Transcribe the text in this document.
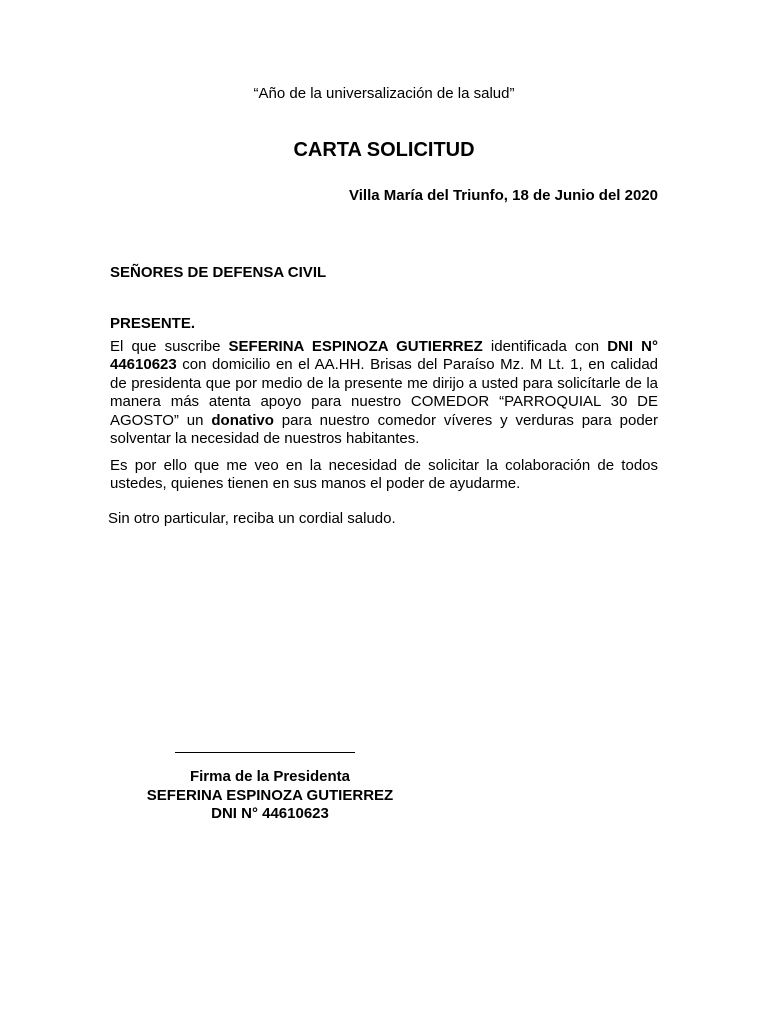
“Año de la universalización de la salud”
CARTA SOLICITUD
Villa María del Triunfo, 18 de Junio del 2020
SEÑORES DE DEFENSA CIVIL
PRESENTE.
El que suscribe SEFERINA ESPINOZA GUTIERREZ identificada con DNI N° 44610623 con domicilio en el AA.HH. Brisas del Paraíso Mz. M Lt. 1, en calidad de presidenta que por medio de la presente me dirijo a usted para solicítarle de la manera más atenta apoyo para nuestro COMEDOR “PARROQUIAL 30 DE AGOSTO” un donativo para nuestro comedor víveres y verduras para poder solventar la necesidad de nuestros habitantes.
Es por ello que me veo en la necesidad de solicitar la colaboración de todos ustedes, quienes tienen en sus manos el poder de ayudarme.
Sin otro particular, reciba un cordial saludo.
Firma de la Presidenta
SEFERINA ESPINOZA GUTIERREZ
DNI N° 44610623
